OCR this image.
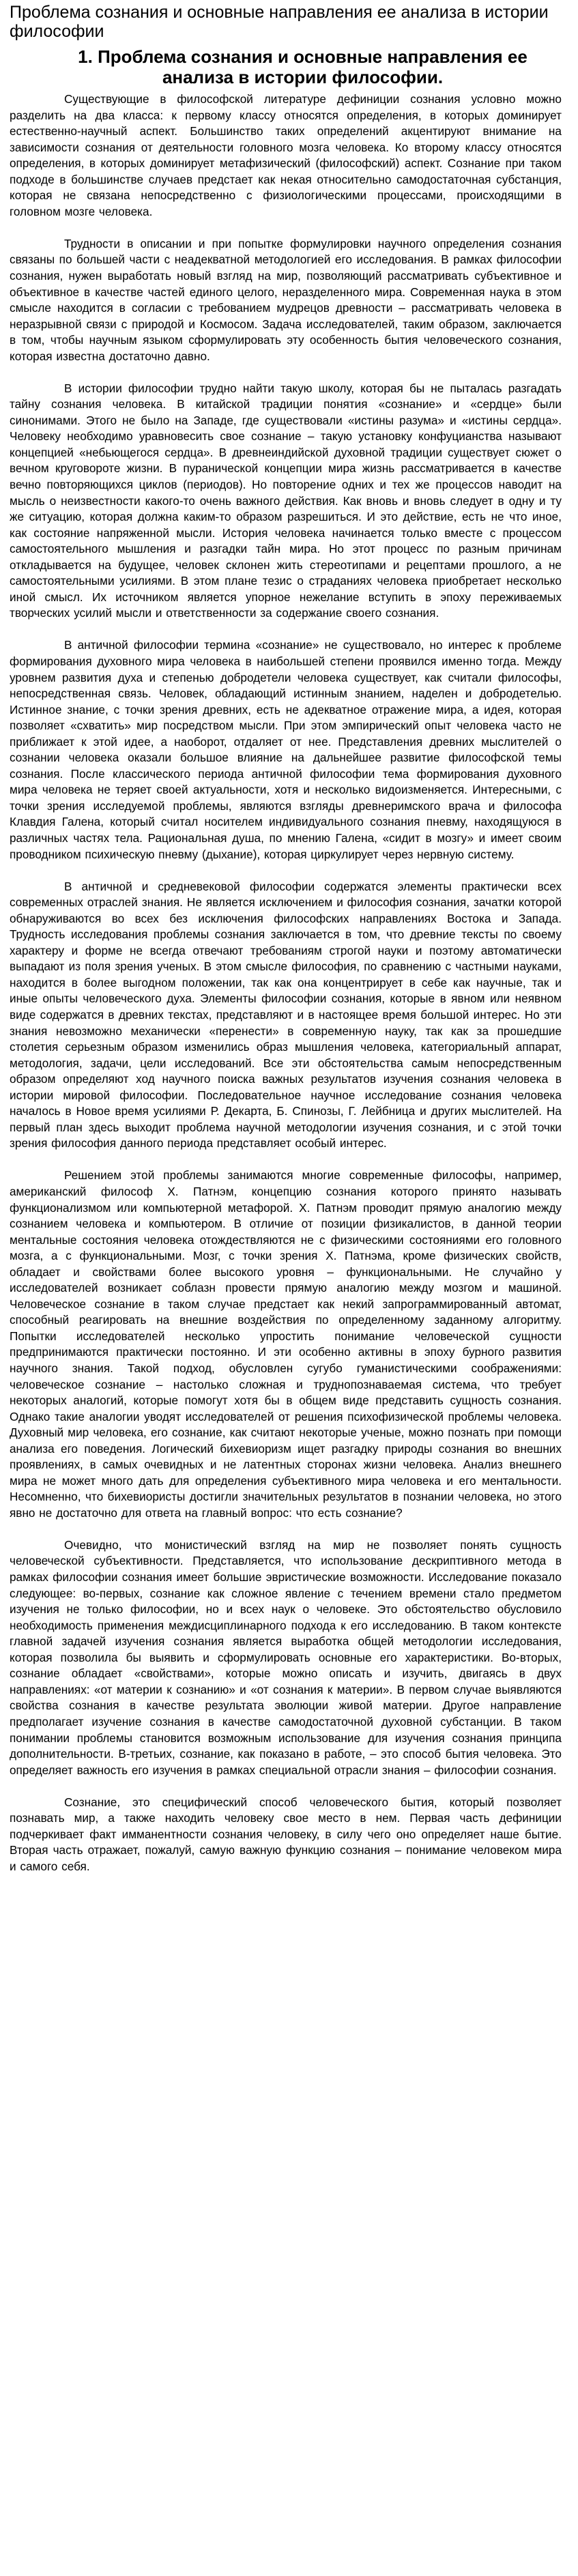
Проблема сознания и основные направления ее анализа в истории философии
1. Проблема сознания и основные направления ее анализа в истории философии.

Существующие в философской литературе дефиниции сознания условно можно разделить на два класса: к первому классу относятся определения, в которых доминирует естественно-научный аспект. Большинство таких определений акцентируют внимание на зависимости сознания от деятельности головного мозга человека. Ко второму классу относятся определения, в которых доминирует метафизический (философский) аспект. Сознание при таком подходе в большинстве случаев предстает как некая относительно самодостаточная субстанция, которая не связана непосредственно с физиологическими процессами, происходящими в головном мозге человека.

Трудности в описании и при попытке формулировки научного определения сознания связаны по большей части с неадекватной методологией его исследования. В рамках философии сознания, нужен выработать новый взгляд на мир, позволяющий рассматривать субъективное и объективное в качестве частей единого целого, неразделенного мира. Современная наука в этом смысле находится в согласии с требованием мудрецов древности – рассматривать человека в неразрывной связи с природой и Космосом. Задача исследователей, таким образом, заключается в том, чтобы научным языком сформулировать эту особенность бытия человеческого сознания, которая известна достаточно давно.

В истории философии трудно найти такую школу, которая бы не пыталась разгадать тайну сознания человека. В китайской традиции понятия «сознание» и «сердце» были синонимами. Этого не было на Западе, где существовали «истины разума» и «истины сердца». Человеку необходимо уравновесить свое сознание – такую установку конфуцианства называют концепцией «небьющегося сердца». В древнеиндийской духовной традиции существует сюжет о вечном круговороте жизни. В пуранической концепции мира жизнь рассматривается в качестве вечно повторяющихся циклов (периодов). Но повторение одних и тех же процессов наводит на мысль о неизвестности какого-то очень важного действия. Как вновь и вновь следует в одну и ту же ситуацию, которая должна каким-то образом разрешиться. И это действие, есть не что иное, как состояние напряженной мысли. История человека начинается только вместе с процессом самостоятельного мышления и разгадки тайн мира. Но этот процесс по разным причинам откладывается на будущее, человек склонен жить стереотипами и рецептами прошлого, а не самостоятельными усилиями. В этом плане тезис о страданиях человека приобретает несколько иной смысл. Их источником является упорное нежелание вступить в эпоху переживаемых творческих усилий мысли и ответственности за содержание своего сознания.

В античной философии термина «сознание» не существовало, но интерес к проблеме формирования духовного мира человека в наибольшей степени проявился именно тогда. Между уровнем развития духа и степенью добродетели человека существует, как считали философы, непосредственная связь. Человек, обладающий истинным знанием, наделен и добродетелью. Истинное знание, с точки зрения древних, есть не адекватное отражение мира, а идея, которая позволяет «схватить» мир посредством мысли. При этом эмпирический опыт человека часто не приближает к этой идее, а наоборот, отдаляет от нее. Представления древних мыслителей о сознании человека оказали большое влияние на дальнейшее развитие философской темы сознания. После классического периода античной философии тема формирования духовного мира человека не теряет своей актуальности, хотя и несколько видоизменяется. Интересными, с точки зрения исследуемой проблемы, являются взгляды древнеримского врача и философа Клавдия Галена, который считал носителем индивидуального сознания пневму, находящуюся в различных частях тела. Рациональная душа, по мнению Галена, «сидит в мозгу» и имеет своим проводником психическую пневму (дыхание), которая циркулирует через нервную систему.

В античной и средневековой философии содержатся элементы практически всех современных отраслей знания. Не является исключением и философия сознания, зачатки которой обнаруживаются во всех без исключения философских направлениях Востока и Запада. Трудность исследования проблемы сознания заключается в том, что древние тексты по своему характеру и форме не всегда отвечают требованиям строгой науки и поэтому автоматически выпадают из поля зрения ученых. В этом смысле философия, по сравнению с частными науками, находится в более выгодном положении, так как она концентрирует в себе как научные, так и иные опыты человеческого духа. Элементы философии сознания, которые в явном или неявном виде содержатся в древних текстах, представляют и в настоящее время большой интерес. Но эти знания невозможно механически «перенести» в современную науку, так как за прошедшие столетия серьезным образом изменились образ мышления человека, категориальный аппарат, методология, задачи, цели исследований. Все эти обстоятельства самым непосредственным образом определяют ход научного поиска важных результатов изучения сознания человека в истории мировой философии. Последовательное научное исследование сознания человека началось в Новое время усилиями Р. Декарта, Б. Спинозы, Г. Лейбница и других мыслителей. На первый план здесь выходит проблема научной методологии изучения сознания, и с этой точки зрения философия данного периода представляет особый интерес.

Решением этой проблемы занимаются многие современные философы, например, американский философ Х. Патнэм, концепцию сознания которого принято называть функционализмом или компьютерной метафорой. Х. Патнэм проводит прямую аналогию между сознанием человека и компьютером. В отличие от позиции физикалистов, в данной теории ментальные состояния человека отождествляются не с физическими состояниями его головного мозга, а с функциональными. Мозг, с точки зрения Х. Патнэма, кроме физических свойств, обладает и свойствами более высокого уровня – функциональными. Не случайно у исследователей возникает соблазн провести прямую аналогию между мозгом и машиной. Человеческое сознание в таком случае предстает как некий запрограммированный автомат, способный реагировать на внешние воздействия по определенному заданному алгоритму. Попытки исследователей несколько упростить понимание человеческой сущности предпринимаются практически постоянно. И эти особенно активны в эпоху бурного развития научного знания. Такой подход, обусловлен сугубо гуманистическими соображениями: человеческое сознание – настолько сложная и труднопознаваемая система, что требует некоторых аналогий, которые помогут хотя бы в общем виде представить сущность сознания. Однако такие аналогии уводят исследователей от решения психофизической проблемы человека. Духовный мир человека, его сознание, как считают некоторые ученые, можно познать при помощи анализа его поведения. Логический бихевиоризм ищет разгадку природы сознания во внешних проявлениях, в самых очевидных и не латентных сторонах жизни человека. Анализ внешнего мира не может много дать для определения субъективного мира человека и его ментальности. Несомненно, что бихевиористы достигли значительных результатов в познании человека, но этого явно не достаточно для ответа на главный вопрос: что есть сознание?

Очевидно, что монистический взгляд на мир не позволяет понять сущность человеческой субъективности. Представляется, что использование дескриптивного метода в рамках философии сознания имеет большие эвристические возможности. Исследование показало следующее: во-первых, сознание как сложное явление с течением времени стало предметом изучения не только философии, но и всех наук о человеке. Это обстоятельство обусловило необходимость применения междисциплинарного подхода к его исследованию. В таком контексте главной задачей изучения сознания является выработка общей методологии исследования, которая позволила бы выявить и сформулировать основные его характеристики. Во-вторых, сознание обладает «свойствами», которые можно описать и изучить, двигаясь в двух направлениях: «от материи к сознанию» и «от сознания к материи». В первом случае выявляются свойства сознания в качестве результата эволюции живой материи. Другое направление предполагает изучение сознания в качестве самодостаточной духовной субстанции. В таком понимании проблемы становится возможным использование для изучения сознания принципа дополнительности. В-третьих, сознание, как показано в работе, – это способ бытия человека. Это определяет важность его изучения в рамках специальной отрасли знания – философии сознания.

Сознание, это специфический способ человеческого бытия, который позволяет познавать мир, а также находить человеку свое место в нем. Первая часть дефиниции подчеркивает факт имманентности сознания человеку, в силу чего оно определяет наше бытие. Вторая часть отражает, пожалуй, самую важную функцию сознания – понимание человеком мира и самого себя.
